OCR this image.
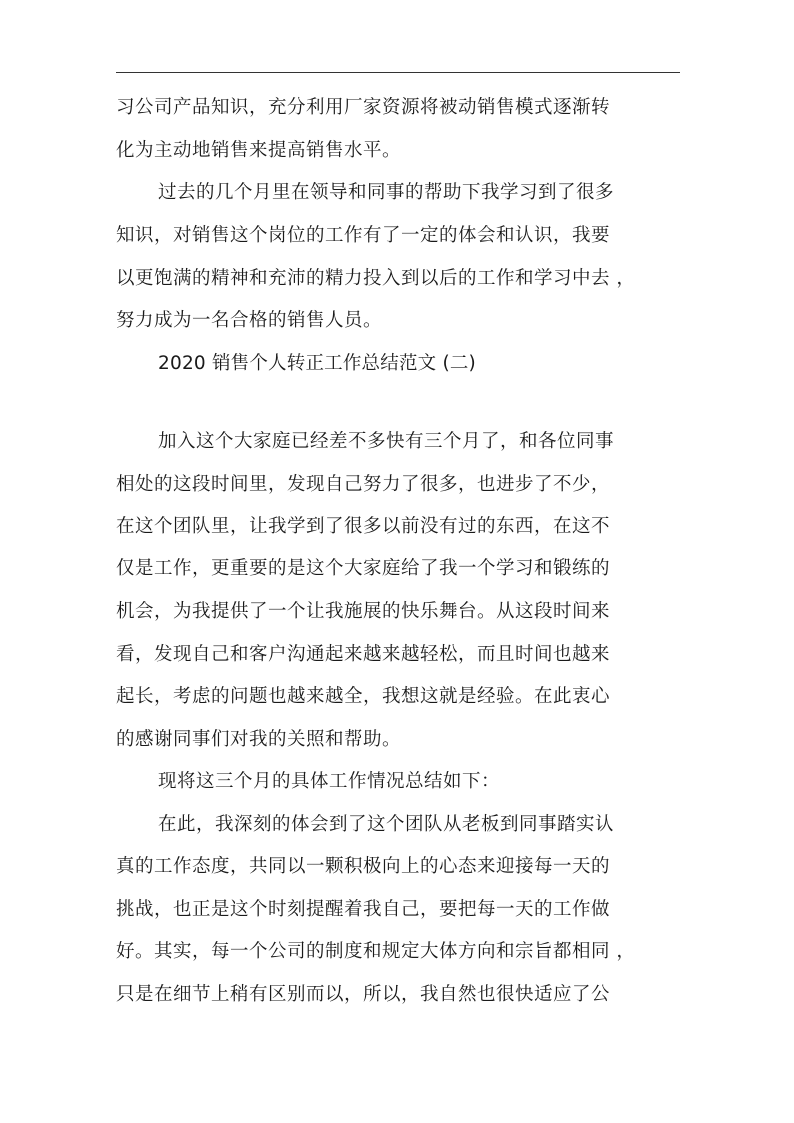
习公司产品知识，充分利用厂家资源将被动销售模式逐渐转
化为主动地销售来提高销售水平。
过去的几个月里在领导和同事的帮助下我学习到了很多
知识，对销售这个岗位的工作有了一定的体会和认识，我要
以更饱满的精神和充沛的精力投入到以后的工作和学习中去 ，
努力成为一名合格的销售人员。
2020 销售个人转正工作总结范文 (二)
加入这个大家庭已经差不多快有三个月了，和各位同事
相处的这段时间里，发现自己努力了很多，也进步了不少，
在这个团队里，让我学到了很多以前没有过的东西，在这不
仅是工作，更重要的是这个大家庭给了我一个学习和锻练的
机会，为我提供了一个让我施展的快乐舞台。从这段时间来
看，发现自己和客户沟通起来越来越轻松，而且时间也越来
起长，考虑的问题也越来越全，我想这就是经验。在此衷心
的感谢同事们对我的关照和帮助。
现将这三个月的具体工作情况总结如下：
在此，我深刻的体会到了这个团队从老板到同事踏实认
真的工作态度，共同以一颗积极向上的心态来迎接每一天的
挑战，也正是这个时刻提醒着我自己，要把每一天的工作做
好。其实，每一个公司的制度和规定大体方向和宗旨都相同 ，
只是在细节上稍有区别而以，所以，我自然也很快适应了公
